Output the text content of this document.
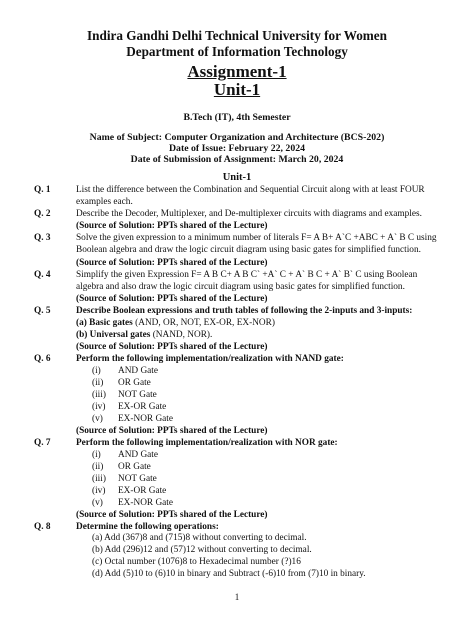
Indira Gandhi Delhi Technical University for Women
Department of Information Technology
Assignment-1
Unit-1
B.Tech (IT), 4th Semester
Name of Subject: Computer Organization and Architecture (BCS-202)
Date of Issue: February 22, 2024
Date of Submission of Assignment: March 20, 2024
Unit-1
Q. 1	List the difference between the Combination and Sequential Circuit along with at least FOUR
examples each.
Q. 2	Describe the Decoder, Multiplexer, and De-multiplexer circuits with diagrams and examples.
(Source of Solution: PPTs shared of the Lecture)
Q. 3	Solve the given expression to a minimum number of literals F= A B+ A`C +ABC + A` B C using
Boolean algebra and draw the logic circuit diagram using basic gates for simplified function.
(Source of Solution: PPTs shared of the Lecture)
Q. 4	Simplify the given Expression F= A B C+ A B C` +A` C + A` B C + A` B` C using Boolean
algebra and also draw the logic circuit diagram using basic gates for simplified function.
(Source of Solution: PPTs shared of the Lecture)
Q. 5	Describe Boolean expressions and truth tables of following the 2-inputs and 3-inputs:
(a) Basic gates (AND, OR, NOT, EX-OR, EX-NOR)
(b) Universal gates (NAND, NOR).
(Source of Solution: PPTs shared of the Lecture)
Q. 6	Perform the following implementation/realization with NAND gate:
(i) AND Gate
(ii) OR Gate
(iii) NOT Gate
(iv) EX-OR Gate
(v) EX-NOR Gate
(Source of Solution: PPTs shared of the Lecture)
Q. 7	Perform the following implementation/realization with NOR gate:
(i) AND Gate
(ii) OR Gate
(iii) NOT Gate
(iv) EX-OR Gate
(v) EX-NOR Gate
(Source of Solution: PPTs shared of the Lecture)
Q. 8	Determine the following operations:
(a) Add (367)8 and (715)8 without converting to decimal.
(b) Add (296)12 and (57)12 without converting to decimal.
(c) Octal number (1076)8 to Hexadecimal number (?)16
(d) Add (5)10 to (6)10 in binary and Subtract (-6)10 from (7)10 in binary.
1
